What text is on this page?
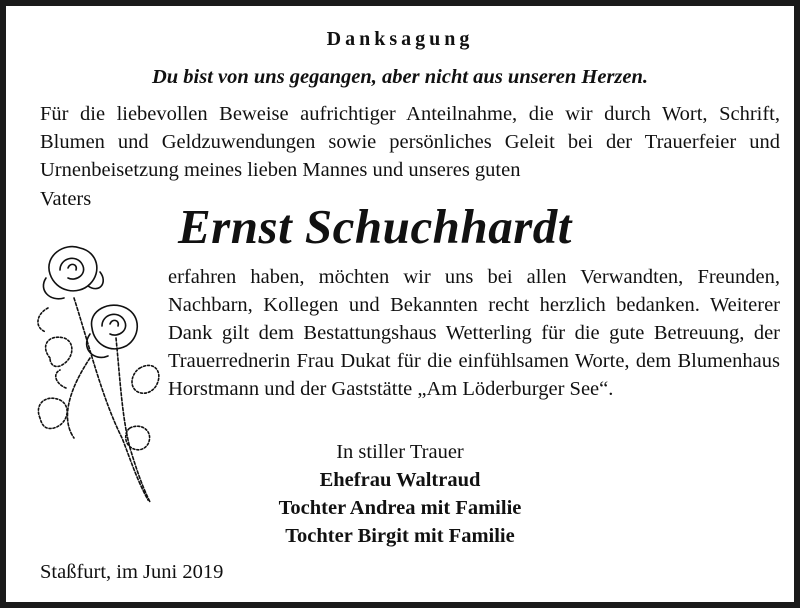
Danksagung
Du bist von uns gegangen, aber nicht aus unseren Herzen.
Für die liebevollen Beweise aufrichtiger Anteilnahme, die wir durch Wort, Schrift, Blumen und Geldzuwendungen sowie persönliches Geleit bei der Trauerfeier und Urnenbeisetzung meines lieben Mannes und unseres guten
Vaters Ernst Schuchhardt
erfahren haben, möchten wir uns bei allen Verwandten, Freunden, Nachbarn, Kollegen und Bekannten recht herzlich bedanken. Weiterer Dank gilt dem Bestattungshaus Wetterling für die gute Betreuung, der Trauerrednerin Frau Dukat für die einfühlsamen Worte, dem Blumenhaus Horstmann und der Gaststätte „Am Löderburger See“.
In stiller Trauer
Ehefrau Waltraud
Tochter Andrea mit Familie
Tochter Birgit mit Familie
Staßfurt, im Juni 2019
